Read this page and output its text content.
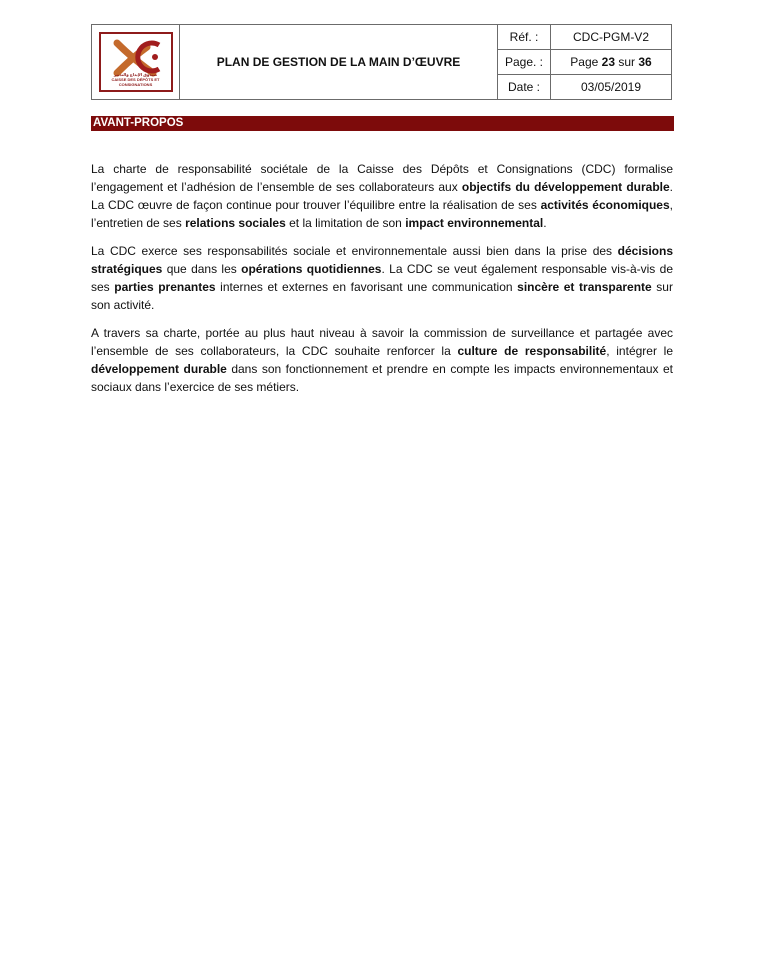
صندوق الإيداع والتدبير
CAISSE DES DÉPÔTS ET CONSIGNATIONS	PLAN DE GESTION DE LA MAIN D’ŒUVRE	Réf. :	CDC-PGM-V2
		Page. :	Page 23 sur 36
		Date :	03/05/2019
AVANT-PROPOS

La charte de responsabilité sociétale de la Caisse des Dépôts et Consignations (CDC) formalise l’engagement et l’adhésion de l’ensemble de ses collaborateurs aux objectifs du développement durable. La CDC œuvre de façon continue pour trouver l’équilibre entre la réalisation de ses activités économiques, l’entretien de ses relations sociales et la limitation de son impact environnemental.

La CDC exerce ses responsabilités sociale et environnementale aussi bien dans la prise des décisions stratégiques que dans les opérations quotidiennes. La CDC se veut également responsable vis-à-vis de ses parties prenantes internes et externes en favorisant une communication sincère et transparente sur son activité.

A travers sa charte, portée au plus haut niveau à savoir la commission de surveillance et partagée avec l’ensemble de ses collaborateurs, la CDC souhaite renforcer la culture de responsabilité, intégrer le développement durable dans son fonctionnement et prendre en compte les impacts environnementaux et sociaux dans l’exercice de ses métiers.
